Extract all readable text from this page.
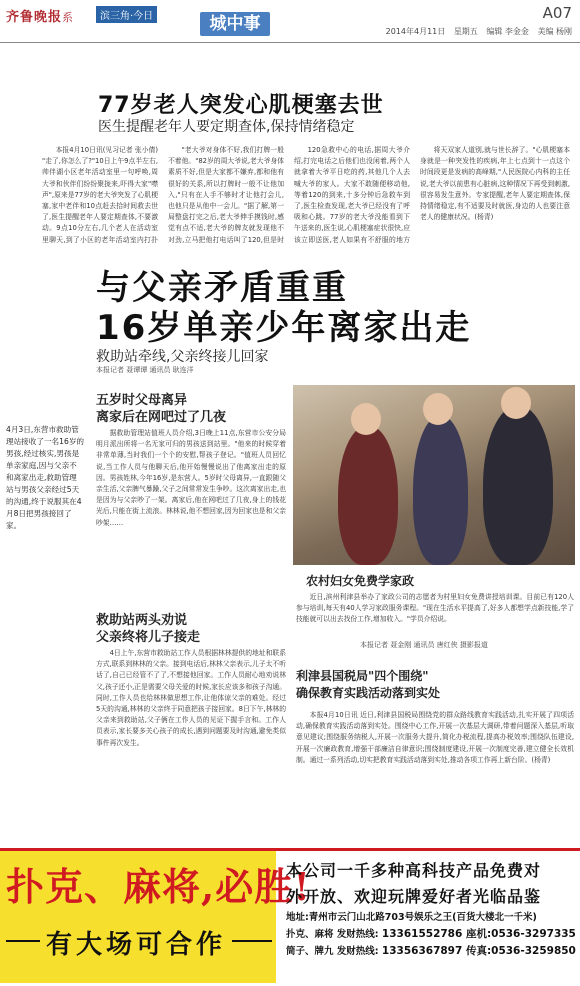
齐鲁晚报系	滨三角·今日	城中事
A07
2014年4月11日 星期五 编辑 李金金 美编 杨刚
77岁老人突发心肌梗塞去世
医生提醒老年人要定期查体,保持情绪稳定

本报4月10日讯(见习记者 张小倩) "走了,你怎么了?"10日上午9点半左右,帅伴湖小区老年活动室里一句呼唤,周大爷和伙伴们纷纷聚拢来,吓得大家"噤声",原来是77岁的老大爷突发了心肌梗塞,家中老伴和10点赶去拾时间救去世了,医生提醒老年人要定期查体,不要激动。9点10分左右,几个老人在活动室里聊天,到了小区的老年活动室内打扑

"老大爷对身体不好,我们打牌一般不着他。"82岁的周大爷说,老大爷身体素质不好,但是大家都不嫌弃,都和他有很好的关系,所以打牌时一般不让他加入,"只有在人手不够时才让他打会儿,也他只是从他中一会儿。"据了解,第一局整盘打完之后,老大爷伸手摸钱时,感觉有点不适,老大爷的牌友就发现他不对劲,立马把他打电话叫了120,但是时

120急救中心的电话,据周大爷介绍,打完电话之后他们也没闲着,两个人就拿着大爷平日吃的药,其他几个人去喊大爷的家人。大家不敢随便移动他,等着120的到来,十多分钟后急救车到了,医生检查发现,老大爷已经没有了呼吸和心跳。77岁的老大爷没能看到下午送来的,医生说,心肌梗塞症状很快,应该立即送医,老人如果有不舒服的地方

将天双家人道别,就与世长辞了。"心肌梗塞本身就是一种突发性的疾病,年上七点到十一点这个时间段更是发病的高峰期,"人民医院心内科的主任说,老大爷以前患有心脏病,这种情况下再受到刺激,很容易发生意外。专家提醒,老年人要定期查体,保持情绪稳定,有不适要及时就医,身边的人也要注意老人的健康状况。(杨青)

与父亲矛盾重重
16岁单亲少年离家出走
救助站牵线,父亲终接儿回家
本报记者 聂谭谭 通讯员 耿连洋
4月3日,东营市救助管理站接收了一名16岁的男孩,经过核实,男孩是单亲家庭,因与父亲不和离家出走,救助管理站与男孩父亲经过5天的沟通,终于说服其在4月8日把男孩接回了家。
五岁时父母离异
离家后在网吧过了几夜

据救助管理站值班人员介绍,3日晚上11点,东营市公安分局明月派出所将一名无家可归的男孩送到站里。"他来的时候穿着非常单薄,当时我们一个个的安慰,帮孩子登记。"值班人员回忆说,当工作人员与他聊天后,他开始慢慢说出了他离家出走的原因。男孩姓林,今年16岁,是东营人。5岁时父母离异,一直跟随父亲生活,父亲脾气暴躁,父子之间常常发生争吵。这次离家出走,也是因为与父亲吵了一架。离家后,他在网吧过了几夜,身上的钱花光后,只能在街上流浪。林林说,他不想回家,因为回家也是和父亲吵架……

救助站两头劝说
父亲终将儿子接走

4日上午,东营市救助站工作人员根据林林提供的地址和联系方式,联系到林林的父亲。接到电话后,林林父亲表示,儿子太不听话了,自己已经管不了了,不想接他回家。工作人员耐心地劝说林父,孩子还小,正是需要父母关爱的时候,家长应该多和孩子沟通。同时,工作人员也给林林做思想工作,让他体谅父亲的难处。经过5天的沟通,林林的父亲终于同意把孩子接回家。8日下午,林林的父亲来到救助站,父子俩在工作人员的见证下握手言和。工作人员表示,家长要多关心孩子的成长,遇到问题要及时沟通,避免类似事件再次发生。

农村妇女免费学家政

近日,滨州利津县举办了家政公司的志愿者为村里妇女免费讲授培训课。目前已有120人参与培训,每天有40人学习家政服务课程。"现在生活水平提高了,好多人都想学点新技能,学了技能就可以出去找份工作,增加收入。"学员介绍说。

本报记者 聂金刚 通讯员 唐红侠 摄影报道
利津县国税局"四个围绕"
确保教育实践活动落到实处

本报4月10日讯 近日,利津县国税局围绕党的群众路线教育实践活动,扎实开展了四项活动,确保教育实践活动落到实处。围绕中心工作,开展一次基层大调研,带着问题深入基层,听取意见建议;围绕服务纳税人,开展一次服务大提升,简化办税流程,提高办税效率;围绕队伍建设,开展一次廉政教育,增强干部廉洁自律意识;围绕制度建设,开展一次制度完善,建立健全长效机制。通过一系列活动,切实把教育实践活动落到实处,推动各项工作再上新台阶。(杨青)

扑克、麻将,必胜!
有大场可合作
本公司一千多种高科技产品免费对
外开放、欢迎玩牌爱好者光临品鉴
地址:青州市云门山北路703号娱乐之王(百货大楼北一千米)
扑克、麻将 发财热线: 13361552786 座机:0536-3297335
筒子、牌九 发财热线: 13356367897 传真:0536-3259850
